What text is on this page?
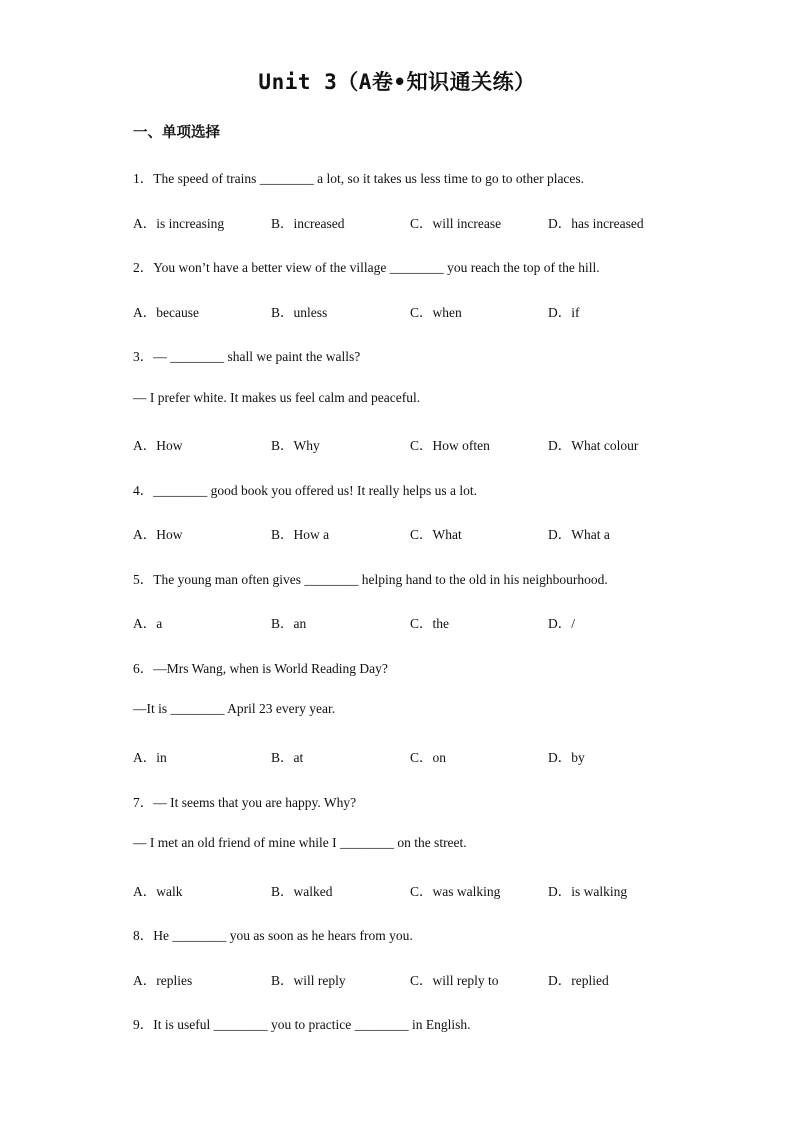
Unit 3（A卷•知识通关练）
一、单项选择
1．The speed of trains ________ a lot, so it takes us less time to go to other places.
A．is increasing	B．increased	C．will increase	D．has increased
2．You won’t have a better view of the village ________ you reach the top of the hill.
A．because	B．unless	C．when	D．if
3．— ________ shall we paint the walls?
— I prefer white. It makes us feel calm and peaceful.
A．How	B．Why	C．How often	D．What colour
4．________ good book you offered us! It really helps us a lot.
A．How	B．How a	C．What	D．What a
5．The young man often gives ________ helping hand to the old in his neighbourhood.
A．a	B．an	C．the	D．/
6．—Mrs Wang, when is World Reading Day?
—It is ________ April 23 every year.
A．in	B．at	C．on	D．by
7．— It seems that you are happy. Why?
— I met an old friend of mine while I ________ on the street.
A．walk	B．walked	C．was walking	D．is walking
8．He ________ you as soon as he hears from you.
A．replies	B．will reply	C．will reply to	D．replied
9．It is useful ________ you to practice ________ in English.
